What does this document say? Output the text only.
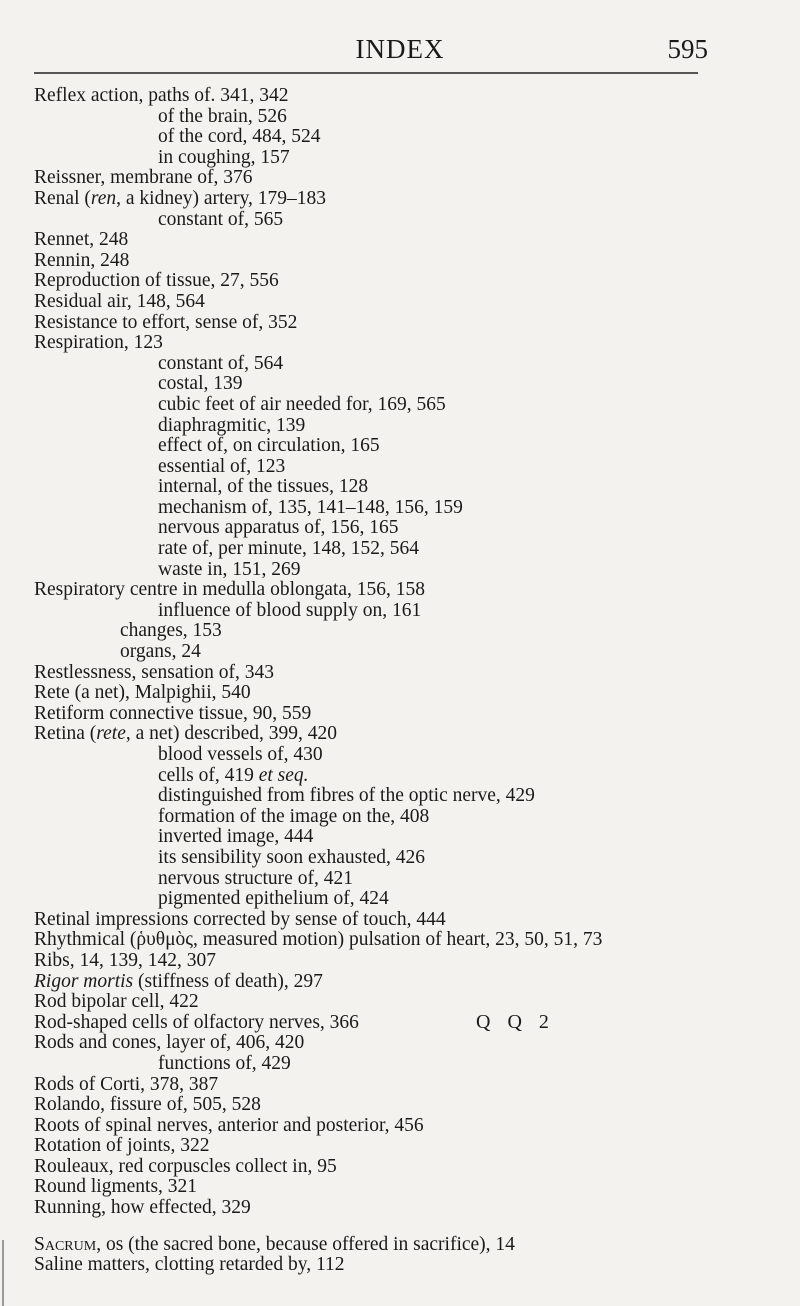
INDEX	595
Reflex action, paths of. 341, 342
of the brain, 526
of the cord, 484, 524
in coughing, 157
Reissner, membrane of, 376
Renal (ren, a kidney) artery, 179–183
constant of, 565
Rennet, 248
Rennin, 248
Reproduction of tissue, 27, 556
Residual air, 148, 564
Resistance to effort, sense of, 352
Respiration, 123
constant of, 564
costal, 139
cubic feet of air needed for, 169, 565
diaphragmitic, 139
effect of, on circulation, 165
essential of, 123
internal, of the tissues, 128
mechanism of, 135, 141–148, 156, 159
nervous apparatus of, 156, 165
rate of, per minute, 148, 152, 564
waste in, 151, 269
Respiratory centre in medulla oblongata, 156, 158
influence of blood supply on, 161
changes, 153
organs, 24
Restlessness, sensation of, 343
Rete (a net), Malpighii, 540
Retiform connective tissue, 90, 559
Retina (rete, a net) described, 399, 420
blood vessels of, 430
cells of, 419 et seq.
distinguished from fibres of the optic nerve, 429
formation of the image on the, 408
inverted image, 444
its sensibility soon exhausted, 426
nervous structure of, 421
pigmented epithelium of, 424
Retinal impressions corrected by sense of touch, 444
Rhythmical (ῥυθμὸς, measured motion) pulsation of heart, 23, 50, 51, 73
Ribs, 14, 139, 142, 307
Rigor mortis (stiffness of death), 297
Rod bipolar cell, 422
Rod-shaped cells of olfactory nerves, 366
Rods and cones, layer of, 406, 420
functions of, 429
Rods of Corti, 378, 387
Rolando, fissure of, 505, 528
Roots of spinal nerves, anterior and posterior, 456
Rotation of joints, 322
Rouleaux, red corpuscles collect in, 95
Round ligments, 321
Running, how effected, 329
Sacrum, os (the sacred bone, because offered in sacrifice), 14
Saline matters, clotting retarded by, 112
Q Q 2
